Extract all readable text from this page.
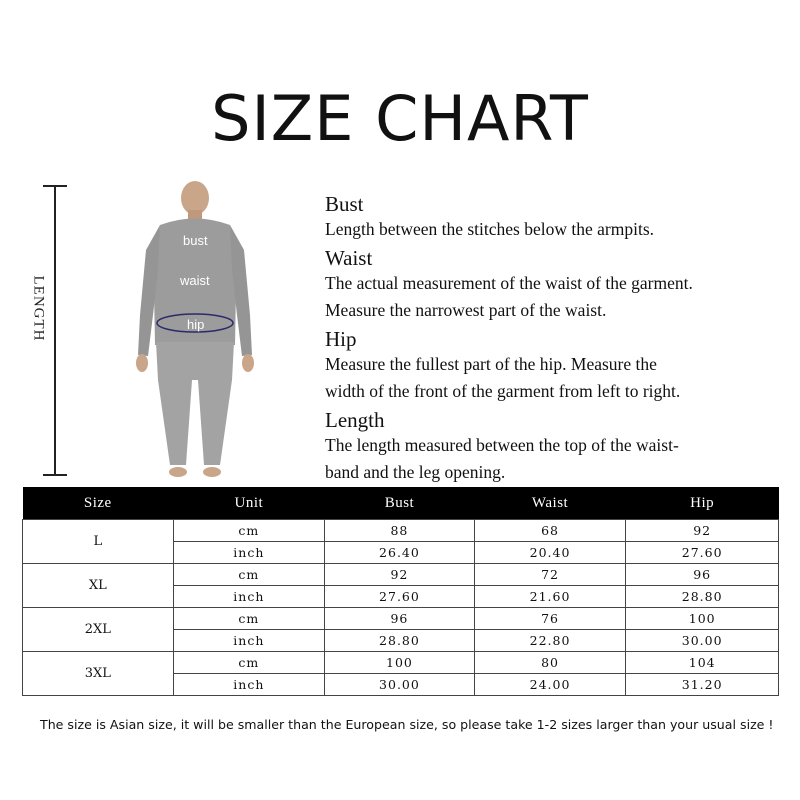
SIZE CHART
LENGTH
bust
waist
hip
Bust

Length between the stitches below the armpits.

Waist

The actual measurement of the waist of the garment.

Measure the narrowest part of the waist.

Hip

Measure the fullest part of the hip. Measure the

width of the front of the garment from left to right.

Length

The length measured between the top of the waist-

band and the leg opening.

Size	Unit	Bust	Waist	Hip
L	cm	88	68	92
	inch	26.40	20.40	27.60
XL	cm	92	72	96
	inch	27.60	21.60	28.80
2XL	cm	96	76	100
	inch	28.80	22.80	30.00
3XL	cm	100	80	104
	inch	30.00	24.00	31.20
The size is Asian size, it will be smaller than the European size, so please take 1-2 sizes larger than your usual size !
